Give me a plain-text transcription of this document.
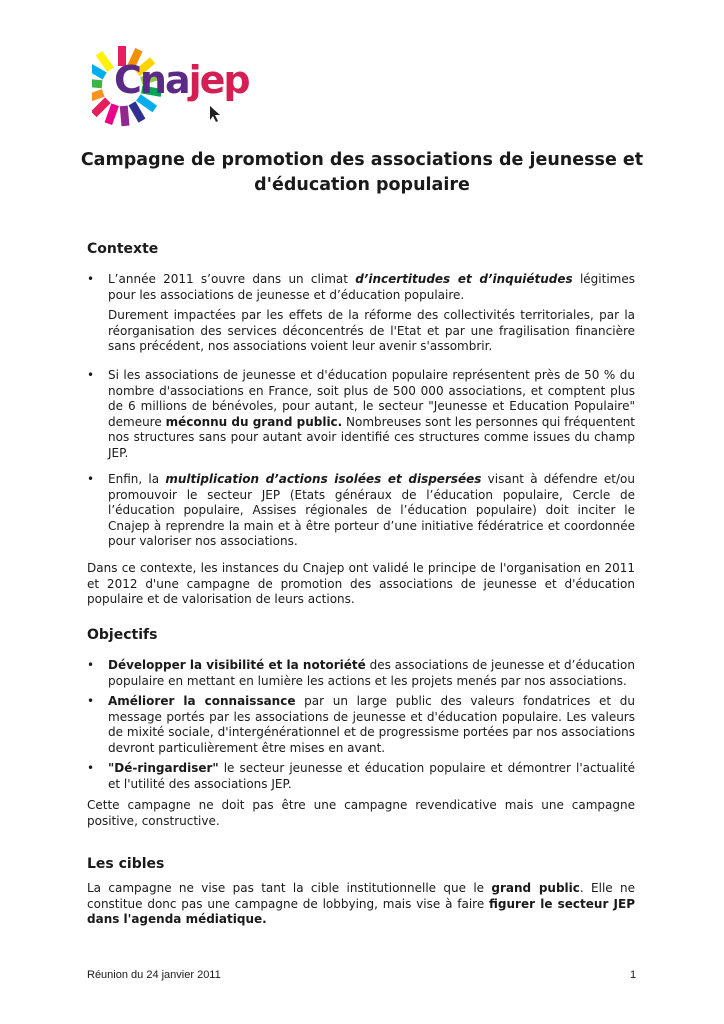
Cnajep
Campagne de promotion des associations de jeunesse et d'éducation populaire
Contexte
• L’année 2011 s’ouvre dans un climat d’incertitudes et d’inquiétudes légitimes pour les associations de jeunesse et d’éducation populaire.

Durement impactées par les effets de la réforme des collectivités territoriales, par la réorganisation des services déconcentrés de l'Etat et par une fragilisation financière sans précédent, nos associations voient leur avenir s'assombrir.

• Si les associations de jeunesse et d'éducation populaire représentent près de 50 % du nombre d'associations en France, soit plus de 500 000 associations, et comptent plus de 6 millions de bénévoles, pour autant, le secteur "Jeunesse et Education Populaire" demeure méconnu du grand public. Nombreuses sont les personnes qui fréquentent nos structures sans pour autant avoir identifié ces structures comme issues du champ JEP.

• Enfin, la multiplication d’actions isolées et dispersées visant à défendre et/ou promouvoir le secteur JEP (Etats généraux de l’éducation populaire, Cercle de l’éducation populaire, Assises régionales de l’éducation populaire) doit inciter le Cnajep à reprendre la main et à être porteur d’une initiative fédératrice et coordonnée pour valoriser nos associations.

Dans ce contexte, les instances du Cnajep ont validé le principe de l'organisation en 2011 et 2012 d'une campagne de promotion des associations de jeunesse et d'éducation populaire et de valorisation de leurs actions.

Objectifs
• Développer la visibilité et la notoriété des associations de jeunesse et d’éducation populaire en mettant en lumière les actions et les projets menés par nos associations.

• Améliorer la connaissance par un large public des valeurs fondatrices et du message portés par les associations de jeunesse et d'éducation populaire. Les valeurs de mixité sociale, d'intergénérationnel et de progressisme portées par nos associations devront particulièrement être mises en avant.

• "Dé-ringardiser" le secteur jeunesse et éducation populaire et démontrer l'actualité et l'utilité des associations JEP.

Cette campagne ne doit pas être une campagne revendicative mais une campagne positive, constructive.

Les cibles

La campagne ne vise pas tant la cible institutionnelle que le grand public. Elle ne constitue donc pas une campagne de lobbying, mais vise à faire figurer le secteur JEP dans l'agenda médiatique.

Réunion du 24 janvier 2011	1
